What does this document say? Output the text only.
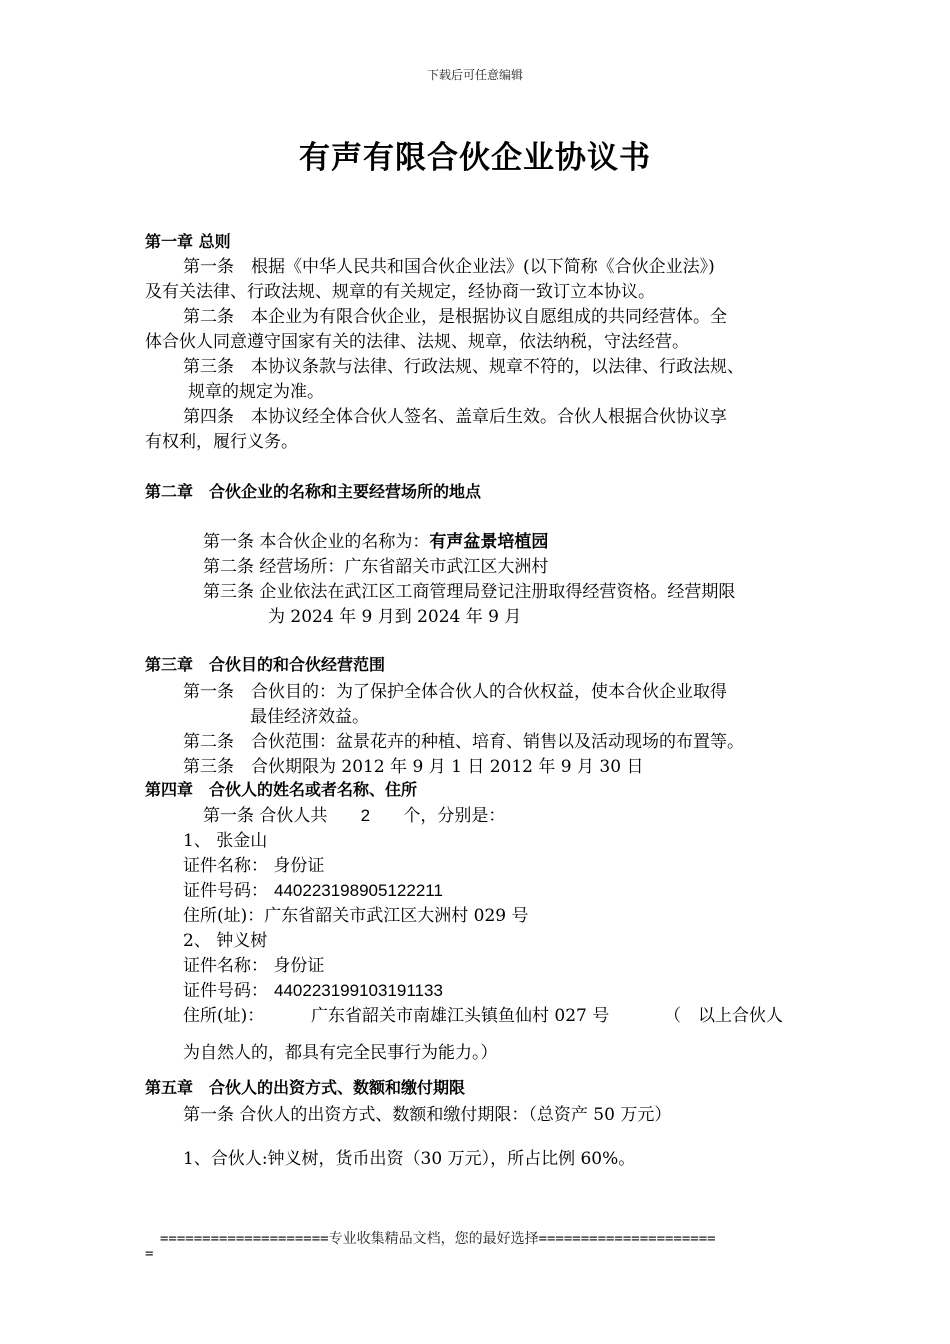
下载后可任意编辑
有声有限合伙企业协议书
第一章 总则
第一条　根据《中华人民共和国合伙企业法》(以下简称《合伙企业法》)
及有关法律、行政法规、规章的有关规定，经协商一致订立本协议。
第二条　本企业为有限合伙企业，是根据协议自愿组成的共同经营体。全
体合伙人同意遵守国家有关的法律、法规、规章，依法纳税，守法经营。
第三条　本协议条款与法律、行政法规、规章不符的，以法律、行政法规、
规章的规定为准。
第四条　本协议经全体合伙人签名、盖章后生效。合伙人根据合伙协议享
有权利，履行义务。
第二章　合伙企业的名称和主要经营场所的地点
第一条 本合伙企业的名称为：有声盆景培植园
第二条 经营场所：广东省韶关市武江区大洲村
第三条 企业依法在武江区工商管理局登记注册取得经营资格。经营期限
为 2024 年 9 月到 2024 年 9 月
第三章　合伙目的和合伙经营范围
第一条　合伙目的：为了保护全体合伙人的合伙权益，使本合伙企业取得
最佳经济效益。
第二条　合伙范围：盆景花卉的种植、培育、销售以及活动现场的布置等。
第三条　合伙期限为 2012 年 9 月 1 日 2012 年 9 月 30 日
第四章　合伙人的姓名或者名称、住所
第一条 合伙人共 2 个，分别是：
1、 张金山
证件名称： 身份证
证件号码： 440223198905122211
住所(址)：广东省韶关市武江区大洲村 029 号
2、 钟义树
证件名称： 身份证
证件号码： 440223199103191133
住所(址)：	广东省韶关市南雄江头镇鱼仙村 027 号	（　以上合伙人
为自然人的，都具有完全民事行为能力。）
第五章　合伙人的出资方式、数额和缴付期限
第一条 合伙人的出资方式、数额和缴付期限：（总资产 50 万元）
1、合伙人:钟义树，货币出资（30 万元），所占比例 60%。
====================专业收集精品文档，您的最好选择=====================
=
